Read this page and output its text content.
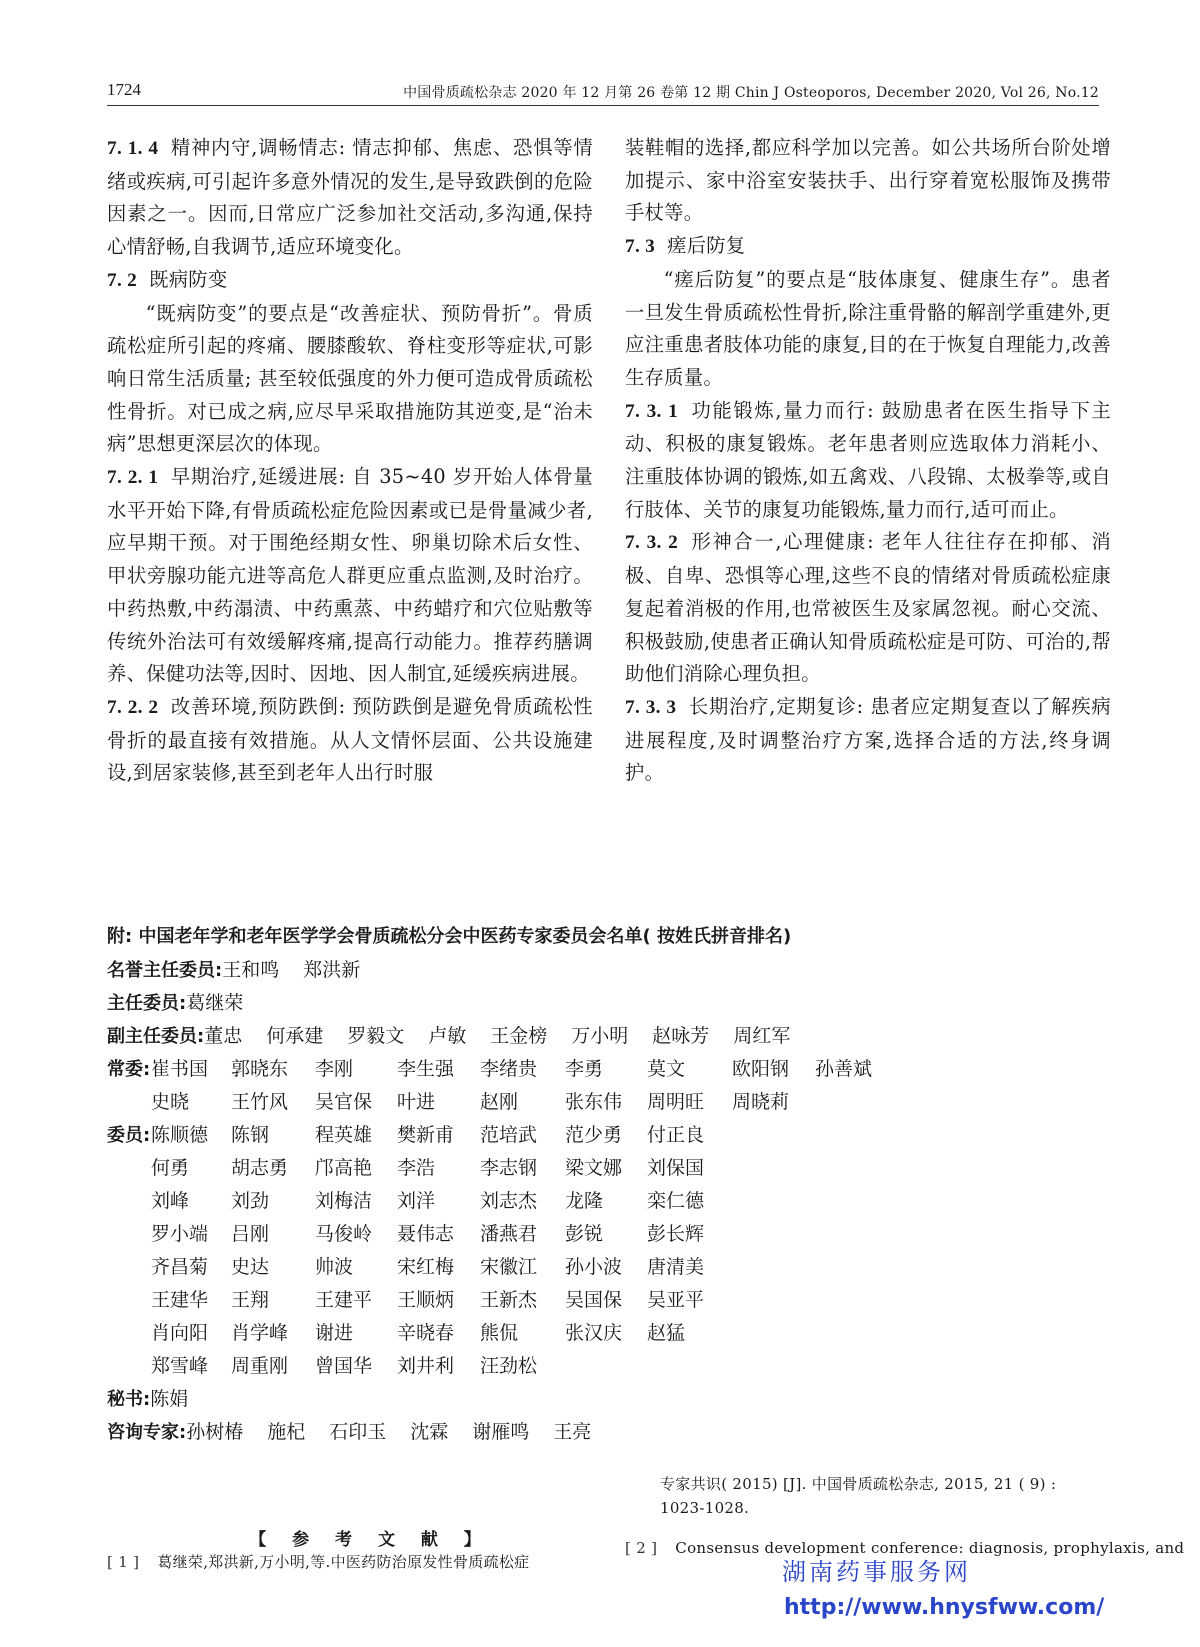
1724	中国骨质疏松杂志 2020 年 12 月第 26 卷第 12 期 Chin J Osteoporos, December 2020, Vol 26, No.12

7. 1. 4 精神内守,调畅情志: 情志抑郁、焦虑、恐惧等情绪或疾病,可引起许多意外情况的发生,是导致跌倒的危险因素之一。因而,日常应广泛参加社交活动,多沟通,保持心情舒畅,自我调节,适应环境变化。

7. 2 既病防变

“既病防变”的要点是“改善症状、预防骨折”。骨质疏松症所引起的疼痛、腰膝酸软、脊柱变形等症状,可影响日常生活质量; 甚至较低强度的外力便可造成骨质疏松性骨折。对已成之病,应尽早采取措施防其逆变,是“治未病”思想更深层次的体现。

7. 2. 1 早期治疗,延缓进展: 自 35~40 岁开始人体骨量水平开始下降,有骨质疏松症危险因素或已是骨量减少者,应早期干预。对于围绝经期女性、卵巢切除术后女性、甲状旁腺功能亢进等高危人群更应重点监测,及时治疗。中药热敷,中药溻渍、中药熏蒸、中药蜡疗和穴位贴敷等传统外治法可有效缓解疼痛,提高行动能力。推荐药膳调养、保健功法等,因时、因地、因人制宜,延缓疾病进展。

7. 2. 2 改善环境,预防跌倒: 预防跌倒是避免骨质疏松性骨折的最直接有效措施。从人文情怀层面、公共设施建设,到居家装修,甚至到老年人出行时服

装鞋帽的选择,都应科学加以完善。如公共场所台阶处增加提示、家中浴室安装扶手、出行穿着宽松服饰及携带手杖等。

7. 3 瘥后防复

“瘥后防复”的要点是“肢体康复、健康生存”。患者一旦发生骨质疏松性骨折,除注重骨骼的解剖学重建外,更应注重患者肢体功能的康复,目的在于恢复自理能力,改善生存质量。

7. 3. 1 功能锻炼,量力而行: 鼓励患者在医生指导下主动、积极的康复锻炼。老年患者则应选取体力消耗小、注重肢体协调的锻炼,如五禽戏、八段锦、太极拳等,或自行肢体、关节的康复功能锻炼,量力而行,适可而止。

7. 3. 2 形神合一,心理健康: 老年人往往存在抑郁、消极、自卑、恐惧等心理,这些不良的情绪对骨质疏松症康复起着消极的作用,也常被医生及家属忽视。耐心交流、积极鼓励,使患者正确认知骨质疏松症是可防、可治的,帮助他们消除心理负担。

7. 3. 3 长期治疗,定期复诊: 患者应定期复查以了解疾病进展程度,及时调整治疗方案,选择合适的方法,终身调护。

附: 中国老年学和老年医学学会骨质疏松分会中医药专家委员会名单( 按姓氏拼音排名)
名誉主任委员:王和鸣 郑洪新
主任委员:葛继荣
副主任委员:董忠 何承建 罗毅文 卢敏 王金榜 万小明 赵咏芳 周红军
常委: 崔书国 郭晓东 李刚 李生强 李绪贵 李勇 莫文 欧阳钢 孙善斌
史晓 王竹风 吴官保 叶进 赵刚 张东伟 周明旺 周晓莉
委员: 陈顺德 陈钢 程英雄 樊新甫 范培武 范少勇 付正良
何勇 胡志勇 邝高艳 李浩 李志钢 梁文娜 刘保国
刘峰 刘劲 刘梅洁 刘洋 刘志杰 龙隆 栾仁德
罗小端 吕刚 马俊岭 聂伟志 潘燕君 彭锐 彭长辉
齐昌菊 史达 帅波 宋红梅 宋徽江 孙小波 唐清美
王建华 王翔 王建平 王顺炳 王新杰 吴国保 吴亚平
肖向阳 肖学峰 谢进 辛晓春 熊侃 张汉庆 赵猛
郑雪峰 周重刚 曾国华 刘井利 汪劲松
秘书:陈娟
咨询专家:孙树椿 施杞 石印玉 沈霖 谢雁鸣 王亮
【 参 考 文 献 】
[ 1 ] 葛继荣,郑洪新,万小明,等.中医药防治原发性骨质疏松症
专家共识( 2015) [J]. 中国骨质疏松杂志, 2015, 21 ( 9) : 1023-1028.
[ 2 ] Consensus development conference: diagnosis, prophylaxis, and
湖南药事服务网
http://www.hnysfww.com/
